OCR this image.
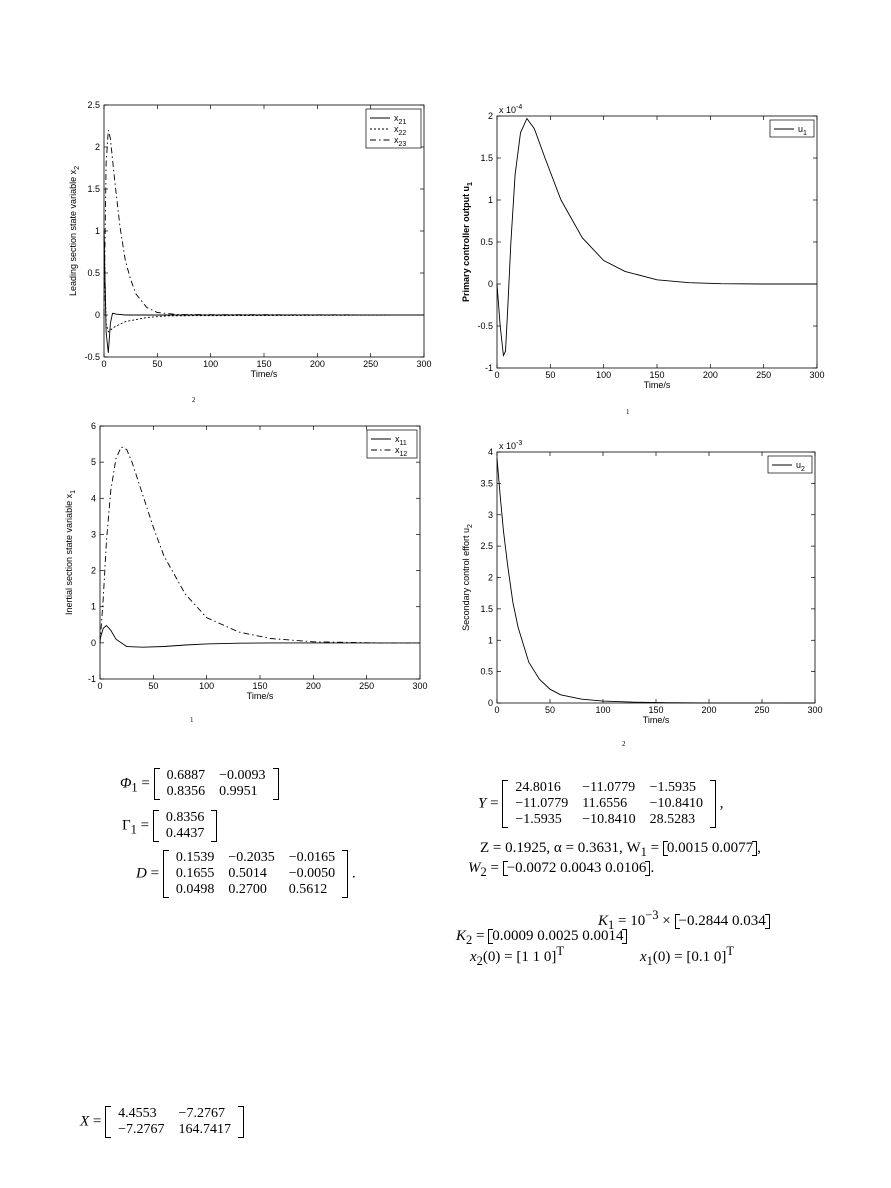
0	50	100	150	200	250	300
-0.5
0
0.5
1
1.5
2
2.5
Time/s
Leading section state variable $x_2$
$x_{21}$
$x_{22}$
$x_{23}$
2
0	50	100	150	200	250	300
-1
-0.5
0
0.5
1
1.5
2
Time/s
Primary controller output $u_1$
x $10^{-4}$
$u_1$
1
0	50	100	150	200	250	300
-1
0
1
2
3
4
5
6
Time/s
Inertial section state variable $x_1$
$x_{11}$
$x_{12}$
1
0	50	100	150	200	250	300
0
0.5
1
1.5
2
2.5
3
3.5
4
Time/s
Secondary control effort $u_2$
x $10^{-3}$
$u_2$
2
$\Phi_1 = 0.6887$	−0.0093
0.8356	0.9951
$\Gamma_1 = 0.8356$
0.4437
D =
0.1539	−0.2035	−0.0165
0.1655	0.5014	−0.0050
0.0498	0.2700	0.5612
.
Y =
24.8016	−11.0779	−1.5935
−11.0779	11.6556	−10.8410
−1.5935	−10.8410	28.5283
,
Z = 0.1925, α = 0.3631, $W_1 = 0.0015$ 0.0077 ,
$W_2 = -0.0072$ 0.0043 0.0106 .
$K_1 = 10^{-3} \times -0.2844$ 0.034
$K_2 = 0.0009$ 0.0025 0.0014
$x_2(0) = [1$ 1 0]$^T$	$x_1(0) = [0.1$ 0]$^T$
X = 4.4553	−7.2767
−7.2767	164.7417
